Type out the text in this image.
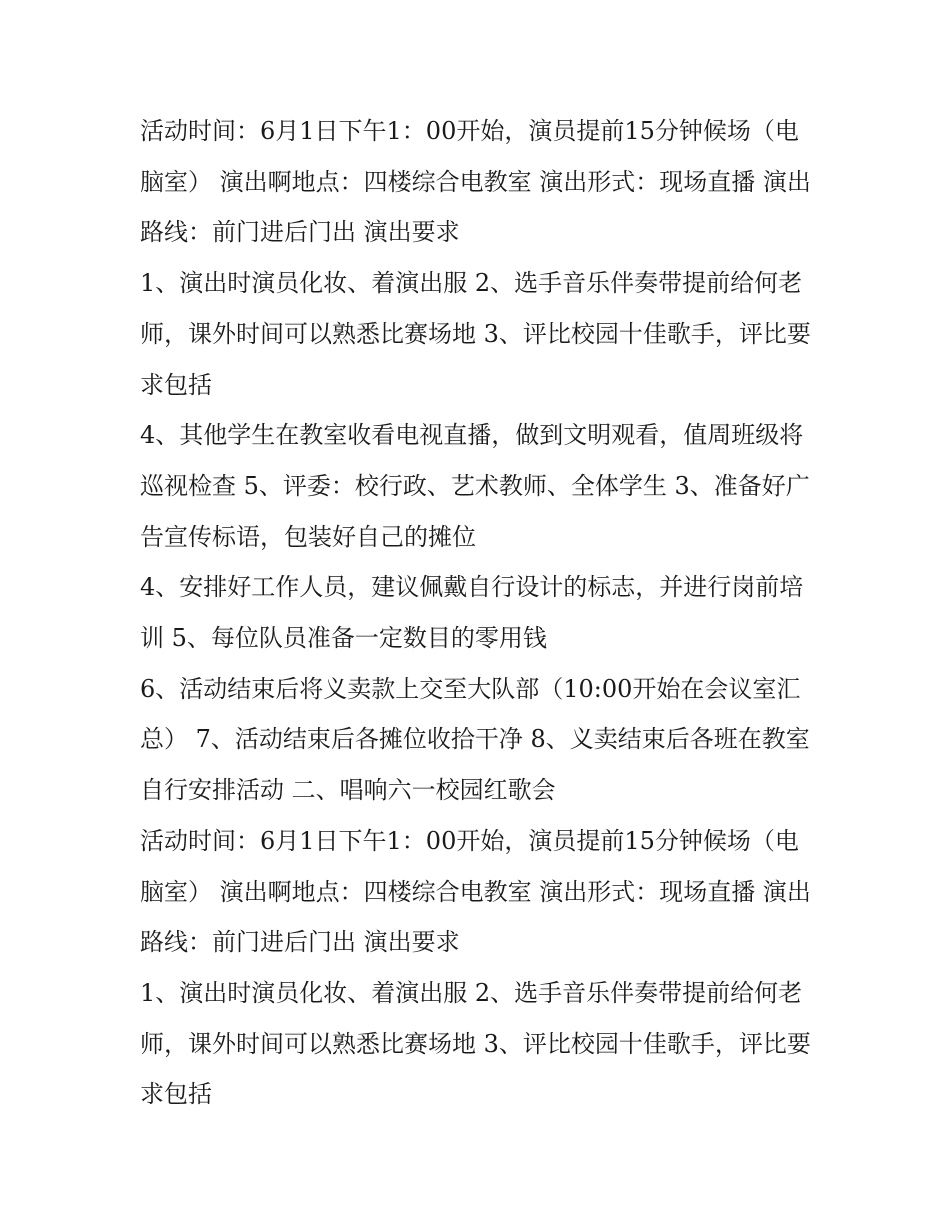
活动时间：6月1日下午1：00开始，演员提前15分钟候场（电脑室） 演出啊地点：四楼综合电教室 演出形式：现场直播 演出路线：前门进后门出 演出要求

1、演出时演员化妆、着演出服 2、选手音乐伴奏带提前给何老师，课外时间可以熟悉比赛场地 3、评比校园十佳歌手，评比要求包括

4、其他学生在教室收看电视直播，做到文明观看，值周班级将巡视检查 5、评委：校行政、艺术教师、全体学生 3、准备好广告宣传标语，包装好自己的摊位

4、安排好工作人员，建议佩戴自行设计的标志，并进行岗前培训 5、每位队员准备一定数目的零用钱

6、活动结束后将义卖款上交至大队部（10:00开始在会议室汇总） 7、活动结束后各摊位收拾干净 8、义卖结束后各班在教室自行安排活动 二、唱响六一校园红歌会

活动时间：6月1日下午1：00开始，演员提前15分钟候场（电脑室） 演出啊地点：四楼综合电教室 演出形式：现场直播 演出路线：前门进后门出 演出要求

1、演出时演员化妆、着演出服 2、选手音乐伴奏带提前给何老师，课外时间可以熟悉比赛场地 3、评比校园十佳歌手，评比要求包括
